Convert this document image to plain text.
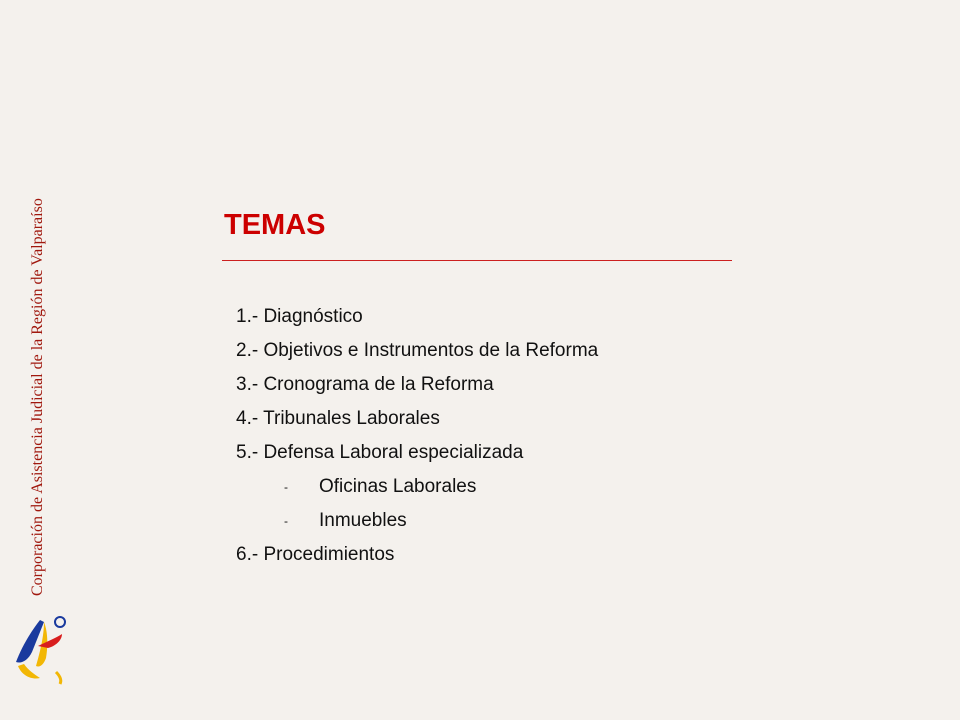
Corporación de Asistencia Judicial de la Región de Valparaíso	TEMAS
1.- Diagnóstico
2.- Objetivos e Instrumentos de la Reforma
3.- Cronograma de la Reforma
4.- Tribunales Laborales
5.- Defensa Laboral especializada
- Oficinas Laborales
- Inmuebles
6.- Procedimientos
